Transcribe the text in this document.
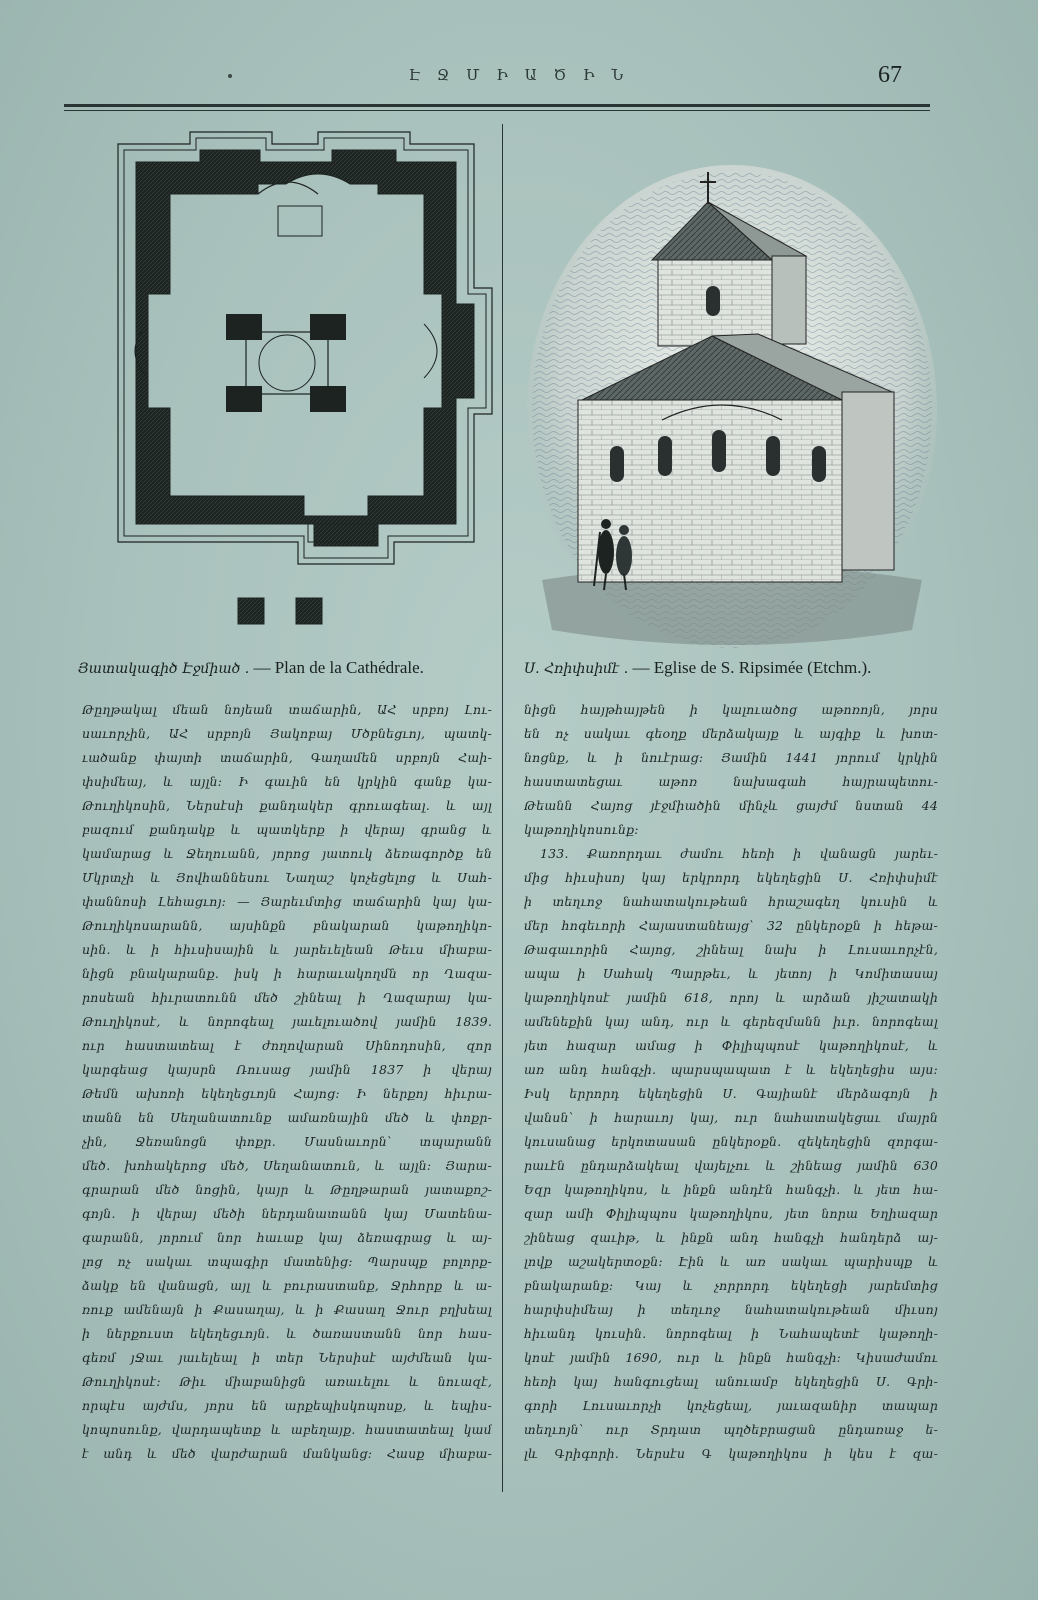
Է Ջ Մ Ի Ա Ծ Ի Ն	67
Յատակագիծ Էջմիած . — Plan de la Cathédrale.	Ս. Հռիփսիմէ . — Eglise de S. Ripsimée (Etchm.).
Թըղթակալ մեան նոյեան տաճարին, ԱՀ սրբոյ Լու-
սաւորչին, ԱՀ սրբոյն Յակոբայ Մծբնեցւոյ, պատկ-
ւածանք փայտի տաճարին, Գաղամեն սրբոյն Հաի-
փսիմեայ, և այլն։ Ի գաւին են կրկին գանք կա-
Թուղիկոսին, Ներսէսի քանդակեր գրուագեալ․ և այլ
բազում քանդակք և պատկերք ի վերայ գրանց և
կամարաց և Ջեղուանն, յորոց յատուկ ձեռագործք են
Մկրտչի և Յովհաննեսու Նաղաշ կոչեցելոց և Սահ-
փաննոսի Լեհացւոյ։ — Յարեւմտից տաճարին կայ կա-
Թուղիկոսարանն, այսինքն բնակարան կաթողիկո-
սին. և ի հիւսիսային և յարեւելեան Թեւս միաբա-
նիցն բնակարանք․ իսկ ի հարաւակողմն որ Ղազա-
րոսեան հիւրատունն մեծ շինեալ ի Ղազարայ կա-
Թուղիկոսէ, և նորոգեալ յաւելուածով յամին 1839.
ուր հաստատեալ է ժողովարան Սինոդոսին, զոր
կարգեաց կայսրն Ռուսաց յամին 1837 ի վերայ
Թեմն ախոռի եկեղեցւոյն Հայոց։ Ի ներքոյ հիւրա-
տանն են Սեղանատունք ամառնային մեծ և փոքր-
չին, Ջեռանոցն փոքր․ Մասնաւորն՝ տպարանն
մեծ․ խոհակերոց մեծ, Սեղանատուն, և այլն։ Յարա-
գրարան մեծ նոցին, կայր և Թըղթարան յատաքոշ-
գոյն․ ի վերայ մեծի ներդանատանն կայ Մատենա-
գարանն, յորում նոր հաւաք կայ ձեռագրաց և այ-
լոց ոչ սակաւ տպագիր մատենից։ Պարսպք բոլորք-
ձակք են վանացն, այլ և բուրաստանք, Ջրհորք և ա-
ռուք ամենայն ի Քասաղայ, և ի Քասաղ Ջուր բղխեալ
ի ներքուստ եկեղեցւոյն․ և ծառաստանն նոր հաս-
գեռմ յՋաւ յաւելեալ ի տեր Ներսիսէ այժմեան կա-
Թուղիկոսէ։ Թիւ միաբանիցն առաւելու և նուազէ,
որպէս այժմս, յորս են արքեպիսկոպոսք, և եպիս-
կոպոսունք, վարդապետք և աբեղայք․ հաստատեալ կամ
է անդ և մեծ վարժարան մանկանց։ Հասք միաբա-
նիցն հայթհայթեն ի կալուածոց աթոռոյն, յորս
են ոչ սակաւ գեօղք մերձակայք և այգիք և խոտ-
նոցնք, և ի նուէրաց։ Յամին 1441 յորում կրկին
հաստատեցաւ աթոռ նախագահ հայրապետու-
Թեանն Հայոց յէջմիածին մինչև ցայժմ նստան 44
կաթողիկոսունք։
133. Քառորդաւ ժամու հեռի ի վանացն յարեւ-
մից հիւսիսոյ կայ երկրորդ եկեղեցին Ս. Հռիփսիմէ
ի տեղւոջ նահատակութեան հրաշագեղ կուսին և
մեր հոգեւորի Հայաստանեայց՝ 32 ընկերօքն ի հեթա-
Թագաւորին Հայոց, շինեալ նախ ի Լուսաւորչէն,
ապա ի Սահակ Պարթեւ, և յետոյ ի Կոմիտասայ
կաթողիկոսէ յամին 618, որոյ և արձան յիշատակի
ամենեքին կայ անդ, ուր և գերեզմանն իւր․ նորոգեալ
յետ հազար ամաց ի Փիլիպպոսէ կաթողիկոսէ, և
առ անդ հանգչի․ պարսպապատ է և եկեղեցիս այս։
Իսկ երրորդ եկեղեցին Ս. Գայիանէ մերձագոյն ի
վանսն՝ ի հարաւոյ կայ, ուր նահատակեցաւ մայրն
կուսանաց երկոտասան ընկերօքն․ զեկեղեցին զորգա-
րաւէն ընդարձակեալ վայելչու և շինեաց յամին 630
Եզր կաթողիկոս, և ինքն անդէն հանգչի․ և յետ հա-
զար ամի Փիլիպպոս կաթողիկոս, յետ նորա Եղիազար
շինեաց զաւիթ, և ինքն անդ հանգչի հանդերձ այ-
լովք աշակերտօքն։ Էին և առ սակաւ պարիսպք և
բնակարանք։ Կայ և չորրորդ եկեղեցի յարեմտից
հարփսիմեայ ի տեղւոջ նահատակութեան միւսոյ
հիւանդ կուսին․ նորոգեալ ի Նահապետէ կաթողի-
կոսէ յամին 1690, ուր և ինքն հանգչի։ Կիսաժամու
հեռի կայ հանգուցեալ անուամբ եկեղեցին Ս. Գրի-
գորի Լուսաւորչի կոչեցեալ, յաւազանիր տապար
տեղւոյն՝ ուր Տրդատ պղծեբրացան ընդառաջ ե-
լև Գրիգորի․ Ներսէս Գ կաթողիկոս ի կես է զա-
